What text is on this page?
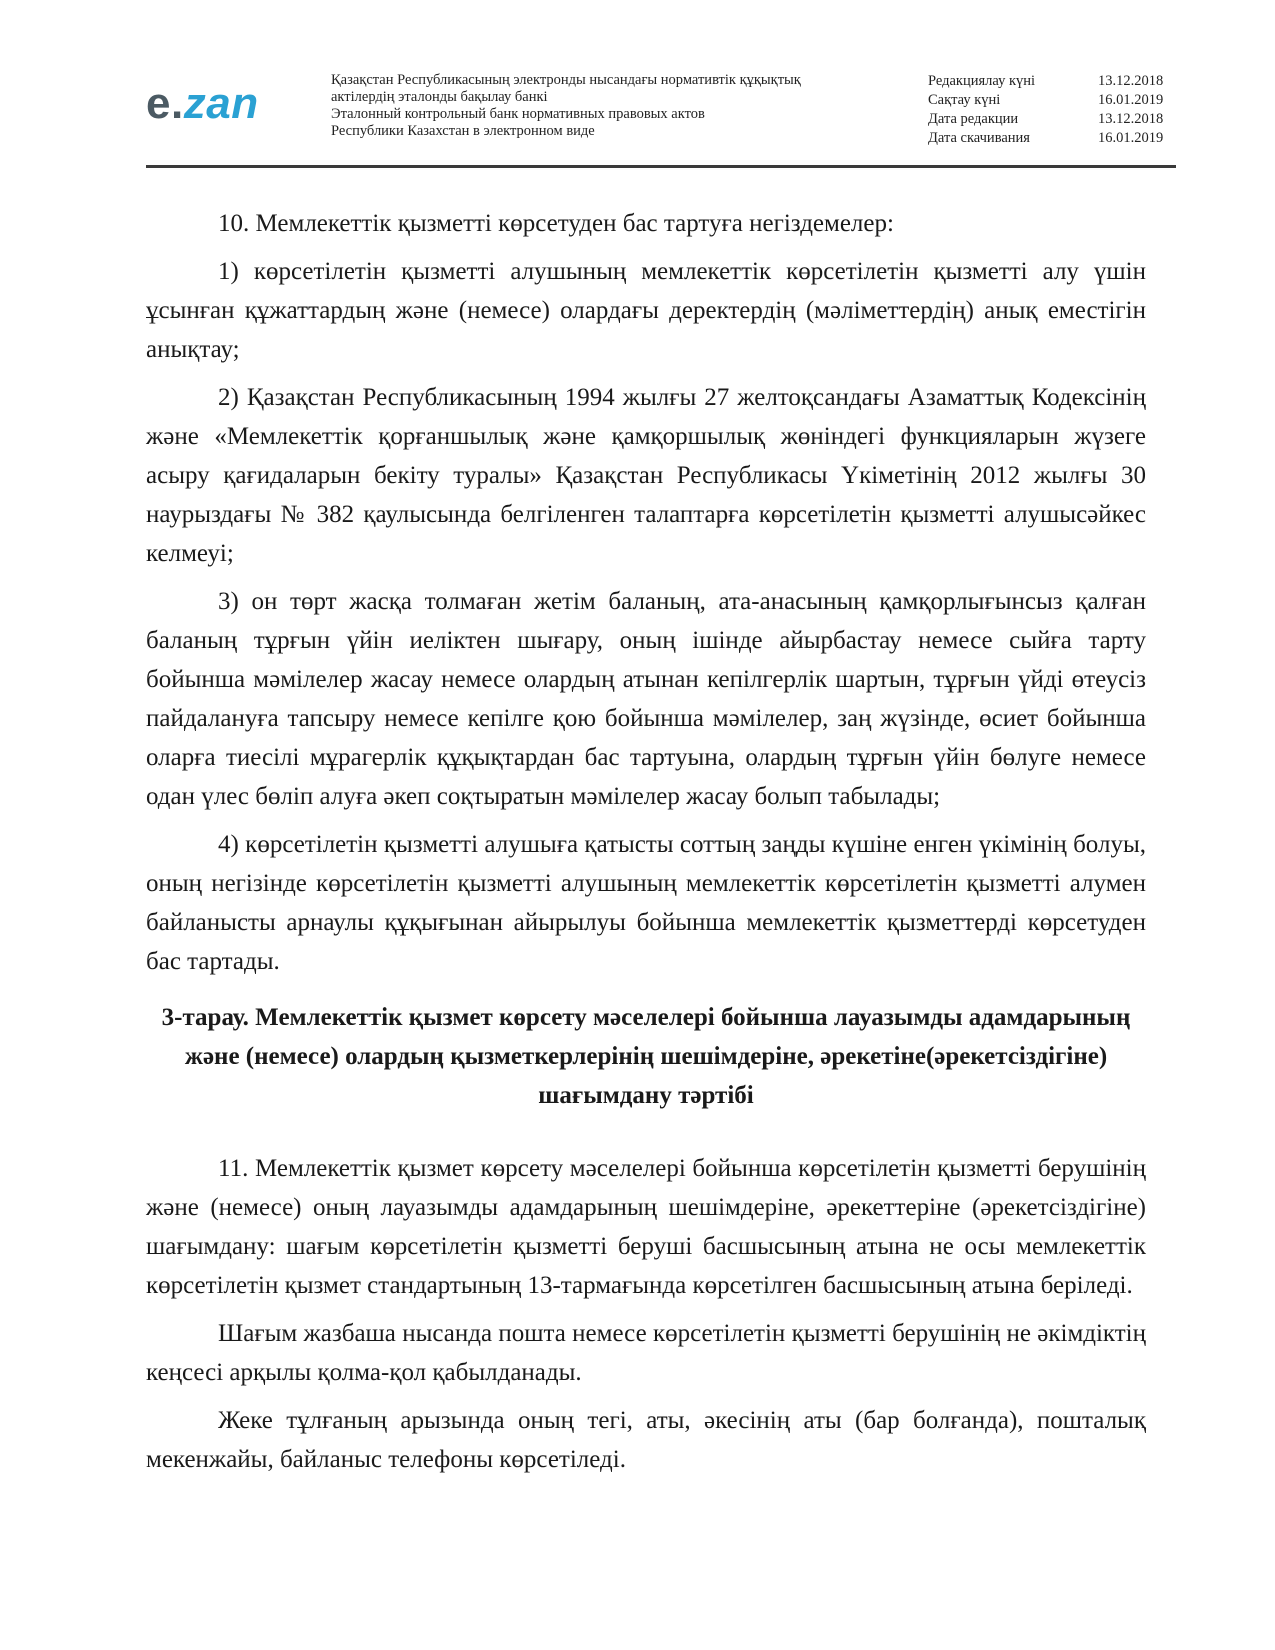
e.zan	Қазақстан Республикасының электронды нысандағы нормативтік құқықтық
актілердің эталонды бақылау банкі
Эталонный контрольный банк нормативных правовых актов
Республики Казахстан в электронном виде
Редакциялау күні	13.12.2018
Сақтау күні	16.01.2019
Дата редакции	13.12.2018
Дата скачивания	16.01.2019

10. Мемлекеттік қызметті көрсетуден бас тартуға негіздемелер:

1) көрсетілетін қызметті алушының мемлекеттік көрсетілетін қызметті алу үшін ұсынған құжаттардың және (немесе) олардағы деректердің (мәліметтердің) анық еместігін анықтау;

2) Қазақстан Республикасының 1994 жылғы 27 желтоқсандағы Азаматтық Кодексінің және «Мемлекеттік қорғаншылық және қамқоршылық жөніндегі функцияларын жүзеге асыру қағидаларын бекіту туралы» Қазақстан Республикасы Үкіметінің 2012 жылғы 30 наурыздағы № 382 қаулысында белгіленген талаптарға көрсетілетін қызметті алушысәйкес келмеуі;

3) он төрт жасқа толмаған жетім баланың, ата-анасының қамқорлығынсыз қалған баланың тұрғын үйін иеліктен шығару, оның ішінде айырбастау немесе сыйға тарту бойынша мәмілелер жасау немесе олардың атынан кепілгерлік шартын, тұрғын үйді өтеусіз пайдалануға тапсыру немесе кепілге қою бойынша мәмілелер, заң жүзінде, өсиет бойынша оларға тиесілі мұрагерлік құқықтардан бас тартуына, олардың тұрғын үйін бөлуге немесе одан үлес бөліп алуға әкеп соқтыратын мәмілелер жасау болып табылады;

4) көрсетілетін қызметті алушыға қатысты соттың заңды күшіне енген үкімінің болуы, оның негізінде көрсетілетін қызметті алушының мемлекеттік көрсетілетін қызметті алумен байланысты арнаулы құқығынан айырылуы бойынша мемлекеттік қызметтерді көрсетуден бас тартады.

3-тарау. Мемлекеттік қызмет көрсету мәселелері бойынша лауазымды адамдарының және (немесе) олардың қызметкерлерінің шешімдеріне, әрекетіне(әрекетсіздігіне) шағымдану тәртібі

11. Мемлекеттік қызмет көрсету мәселелері бойынша көрсетілетін қызметті берушінің және (немесе) оның лауазымды адамдарының шешімдеріне, әрекеттеріне (әрекетсіздігіне) шағымдану: шағым көрсетілетін қызметті беруші басшысының атына не осы мемлекеттік көрсетілетін қызмет стандартының 13-тармағында көрсетілген басшысының атына беріледі.

Шағым жазбаша нысанда пошта немесе көрсетілетін қызметті берушінің не әкімдіктің кеңсесі арқылы қолма-қол қабылданады.

Жеке тұлғаның арызында оның тегі, аты, әкесінің аты (бар болғанда), пошталық мекенжайы, байланыс телефоны көрсетіледі.
